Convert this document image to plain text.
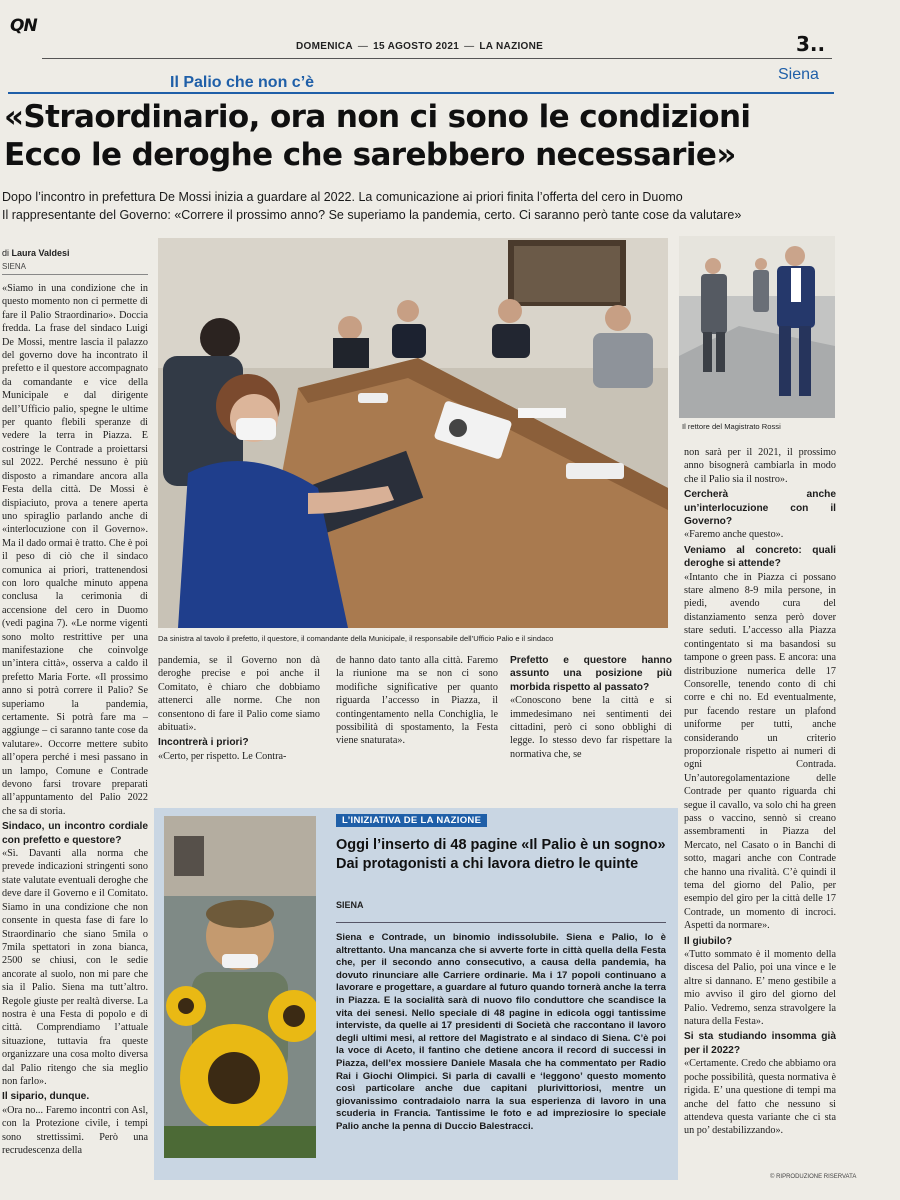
QN
DOMENICA — 15 AGOSTO 2021 — LA NAZIONE	3..
Il Palio che non c’è	Siena
«Straordinario, ora non ci sono le condizioni
Ecco le deroghe che sarebbero necessarie»
Dopo l’incontro in prefettura De Mossi inizia a guardare al 2022. La comunicazione ai priori finita l’offerta del cero in Duomo
Il rappresentante del Governo: «Correre il prossimo anno? Se superiamo la pandemia, certo. Ci saranno però tante cose da valutare»
di Laura Valdesi
SIENA

«Siamo in una condizione che in questo momento non ci permette di fare il Palio Straordinario». Doccia fredda. La frase del sindaco Luigi De Mossi, mentre lascia il palazzo del governo dove ha incontrato il prefetto e il questore accompagnato da comandante e vice della Municipale e dal dirigente dell’Ufficio palio, spegne le ultime per quanto flebili speranze di vedere la terra in Piazza. E costringe le Contrade a proiettarsi sul 2022. Perché nessuno è più disposto a rimandare ancora alla Festa della città. De Mossi è dispiaciuto, prova a tenere aperta uno spiraglio parlando anche di «interlocuzione con il Governo». Ma il dado ormai è tratto. Che è poi il peso di ciò che il sindaco comunica ai priori, trattenendosi con loro qualche minuto appena conclusa la cerimonia di accensione del cero in Duomo (vedi pagina 7). «Le norme vigenti sono molto restrittive per una manifestazione che coinvolge un’intera città», osserva a caldo il prefetto Maria Forte. «Il prossimo anno si potrà correre il Palio? Se superiamo la pandemia, certamente. Si potrà fare ma – aggiunge – ci saranno tante cose da valutare». Occorre mettere subito all’opera perché i mesi passano in un lampo, Comune e Contrade devono farsi trovare preparati all’appuntamento del Palio 2022 che sa di storia.

Sindaco, un incontro cordiale con prefetto e questore?

«Sì. Davanti alla norma che prevede indicazioni stringenti sono state valutate eventuali deroghe che deve dare il Governo e il Comitato. Siamo in una condizione che non consente in questa fase di fare lo Straordinario che siano 5mila o 7mila spettatori in zona bianca, 2500 se chiusi, con le sedie ancorate al suolo, non mi pare che sia il Palio. Siena ma tutt’altro. Regole giuste per realtà diverse. La nostra è una Festa di popolo e di città. Comprendiamo l’attuale situazione, tuttavia fra queste organizzare una cosa molto diversa dal Palio ritengo che sia meglio non farlo».

Il sipario, dunque.

«Ora no... Faremo incontri con Asl, con la Protezione civile, i tempi sono strettissimi. Però una recrudescenza della

Da sinistra al tavolo il prefetto, il questore, il comandante della Municipale, il responsabile dell’Ufficio Palio e il sindaco
Il rettore del Magistrato Rossi

pandemia, se il Governo non dà deroghe precise e poi anche il Comitato, è chiaro che dobbiamo attenerci alle norme. Che non consentono di fare il Palio come siamo abituati».

Incontrerà i priori?

«Certo, per rispetto. Le Contra-

de hanno dato tanto alla città. Faremo la riunione ma se non ci sono modifiche significative per quanto riguarda l’accesso in Piazza, il contingentamento nella Conchiglia, le possibilità di spostamento, la Festa viene snaturata».

Prefetto e questore hanno assunto una posizione più morbida rispetto al passato?

«Conoscono bene la città e si immedesimano nei sentimenti dei cittadini, però ci sono obblighi di legge. Io stesso devo far rispettare la normativa che, se

non sarà per il 2021, il prossimo anno bisognerà cambiarla in modo che il Palio sia il nostro».

Cercherà anche un’interlocuzione con il Governo?

«Faremo anche questo».

Veniamo al concreto: quali deroghe si attende?

«Intanto che in Piazza ci possano stare almeno 8-9 mila persone, in piedi, avendo cura del distanziamento senza però dover stare seduti. L’accesso alla Piazza contingentato si ma basandosi su tampone o green pass. E ancora: una distribuzione numerica delle 17 Consorelle, tenendo conto di chi corre e chi no. Ed eventualmente, pur facendo restare un plafond uniforme per tutti, anche considerando un criterio proporzionale rispetto ai numeri di ogni Contrada. Un’autoregolamentazione delle Contrade per quanto riguarda chi segue il cavallo, va solo chi ha green pass o vaccino, sennò si creano assembramenti in Piazza del Mercato, nel Casato o in Banchi di sotto, magari anche con Contrade che hanno una rivalità. C’è quindi il tema del giorno del Palio, per esempio del giro per la città delle 17 Contrade, un momento di incroci. Aspetti da normare».

Il giubilo?

«Tutto sommato è il momento della discesa del Palio, poi una vince e le altre si dannano. E’ meno gestibile a mio avviso il giro del giorno del Palio. Vedremo, senza stravolgere la natura della Festa».

Si sta studiando insomma già per il 2022?

«Certamente. Credo che abbiamo ora poche possibilità, questa normativa è rigida. E’ una questione di tempi ma anche del fatto che nessuno si attendeva questa variante che ci sta un po’ destabilizzando».

L’INIZIATIVA DE LA NAZIONE
Oggi l’inserto di 48 pagine «Il Palio è un sogno»
Dai protagonisti a chi lavora dietro le quinte
SIENA
Siena e Contrade, un binomio indissolubile. Siena e Palio, lo è altrettanto. Una mancanza che si avverte forte in città quella della Festa che, per il secondo anno consecutivo, a causa della pandemia, ha dovuto rinunciare alle Carriere ordinarie. Ma i 17 popoli continuano a lavorare e progettare, a guardare al futuro quando tornerà anche la terra in Piazza. E la socialità sarà di nuovo filo conduttore che scandisce la vita dei senesi. Nello speciale di 48 pagine in edicola oggi tantissime interviste, da quelle ai 17 presidenti di Società che raccontano il lavoro degli ultimi mesi, al rettore del Magistrato e al sindaco di Siena. C’è poi la voce di Aceto, il fantino che detiene ancora il record di successi in Piazza, dell’ex mossiere Daniele Masala che ha commentato per Radio Rai i Giochi Olimpici. Si parla di cavalli e ‘leggono’ questo momento così particolare anche due capitani plurivittoriosi, mentre un giovanissimo contradaiolo narra la sua esperienza di lavoro in una scuderia in Francia. Tantissime le foto e ad impreziosire lo speciale Palio anche la penna di Duccio Balestracci.
© RIPRODUZIONE RISERVATA
